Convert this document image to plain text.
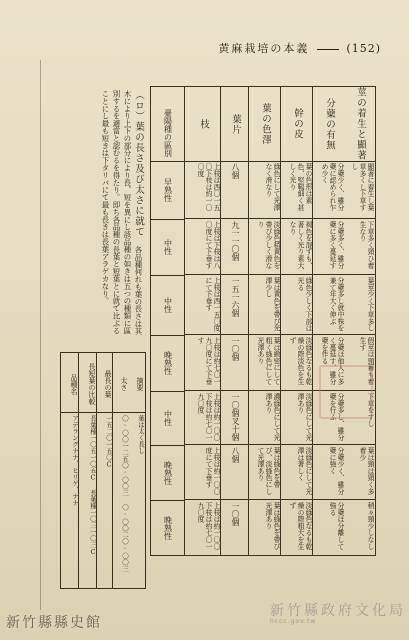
黄麻栽培の本義	(152)
莖の着生と顯著
顯著に着生し葉草多くし下草すし
下草多く頸ひ着生なり
葉莖少く下草多し
假莖は頸蓄も着生す
下草をすし
葉は頸は頸く多着少
稍々頸少しなし
分蘗の有無
分蘗少く、雖分蘗に認められ乍め少く
分蘗多く、雖分蘗に多く蔓延す
分蘗多し就中株を兼て年大く伸ぶ
分蘗ほ他人に多く蔓延す、雖分蘗を作る
分蘗多し、雖分蘗を行ふ
分蘗少く、雖分蘗に強く
分蘗ほ分離して強る
幹の皮
葉の色形は素色、堅靱細く甚しく光り
褐色を混すも、著しく光り素大なり
綠色少しく下部は光る
淡綠色なるも乾燥の際淡色を生ず
淡綠色にして光澤あり
淡綠色にして光澤は著しく
淡綠色なるも乾燥の際粗大を生ず
葉の色澤
綠色にして光澤なく滑なり
淡綠色稍黄色を帶び少しく滑なり
葉は黄色を帶び光澤少し
葉は緻密にして粗く綠色にして光澤あり
濃綠色にして光澤あり
葉は綠色を帶び、淡綠色にして光澤あり
葉は綠色を帶び光澤あり
葉片
八個
九一一〇個
一五一六個
一〇個
一〇個叉十個
八個
一〇個
枝
上枝は西〇一五〇下枝は約一〇〇度
上枝は下枝は八〇度にて下垂す
上枝は西一五〇度にて下垂す
上枝は約七〇一九〇度にて下垂す
上枝は約一〇〇下枝は約七〇一九〇度
上枝は約一〇〇度にて下垂す
上枝は約一〇〇下枝は約七〇一九〇度
臺陽種の區別
早熟性
中性
中性
晚熟性
中性
晚熟性
晚熟性
（ロ）葉の長さ及び太さに就て 各品種何れも葉の長さは其木により上下の部分により長、短を異にし該品種の如きは五つの種類に區別するを適當と認むるを得たり。即ち各品種の長葉と短葉とに就て比ぶることにし最も短きは下タリバにて最も長きは長葉アラゲカなり。
摘要
葉は太く長し
太さ
〇·〇〇一二五〇·〇〇三 〇·〇〇二〇·〇〇三
最長の葉
一五二〇一五〇C
長短葉の比較
長葉種一〇五一〇五C 長葉種一〇三一〇三C
品種名
アデラングナナ、ヒリゲ、ナナ
新竹縣政府文化局
hccc.gov.tw
新竹縣縣史館
